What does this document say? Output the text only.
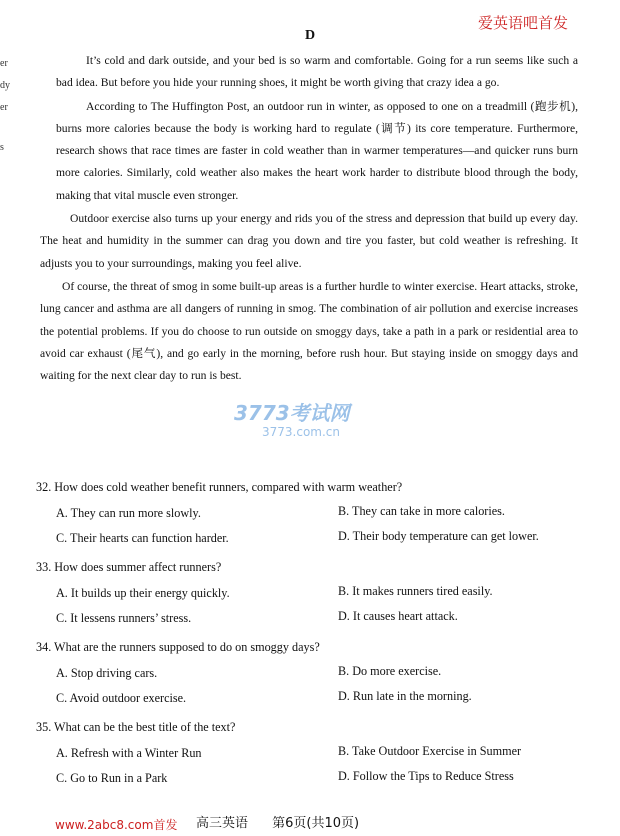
er
dy
er
s
爱英语吧首发
D

It’s cold and dark outside, and your bed is so warm and comfortable. Going for a run seems like such a bad idea. But before you hide your running shoes, it might be worth giving that crazy idea a go.

According to The Huffington Post, an outdoor run in winter, as opposed to one on a treadmill (跑步机), burns more calories because the body is working hard to regulate (调节) its core temperature. Furthermore, research shows that race times are faster in cold weather than in warmer temperatures—and quicker runs burn more calories. Similarly, cold weather also makes the heart work harder to distribute blood through the body, making that vital muscle even stronger.

Outdoor exercise also turns up your energy and rids you of the stress and depression that build up every day. The heat and humidity in the summer can drag you down and tire you faster, but cold weather is refreshing. It adjusts you to your surroundings, making you feel alive.

Of course, the threat of smog in some built-up areas is a further hurdle to winter exercise. Heart attacks, stroke, lung cancer and asthma are all dangers of running in smog. The combination of air pollution and exercise increases the potential problems. If you do choose to run outside on smoggy days, take a path in a park or residential area to avoid car exhaust (尾气), and go early in the morning, before rush hour. But staying inside on smoggy days and waiting for the next clear day to run is best.

3773考试网
3773.com.cn
32. How does cold weather benefit runners, compared with warm weather?
A. They can run more slowly.	B. They can take in more calories.
C. Their hearts can function harder.	D. Their body temperature can get lower.
33. How does summer affect runners?
A. It builds up their energy quickly.	B. It makes runners tired easily.
C. It lessens runners’ stress.	D. It causes heart attack.
34. What are the runners supposed to do on smoggy days?
A. Stop driving cars.	B. Do more exercise.
C. Avoid outdoor exercise.	D. Run late in the morning.
35. What can be the best title of the text?
A. Refresh with a Winter Run	B. Take Outdoor Exercise in Summer
C. Go to Run in a Park	D. Follow the Tips to Reduce Stress
www.2abc8.com首发 高三英语 第6页(共10页)
